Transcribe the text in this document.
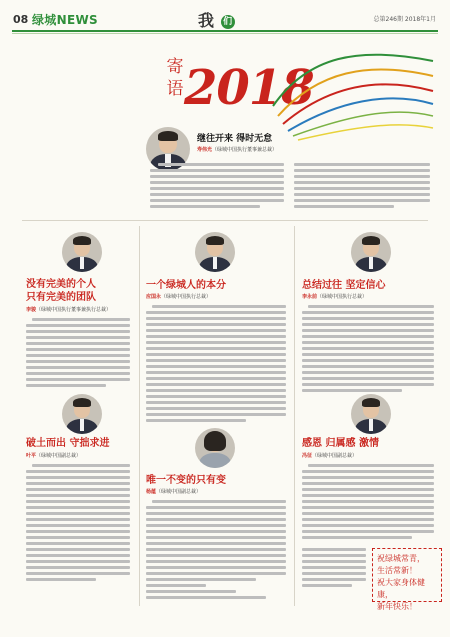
08 绿城NEWS	我 们	总第246期 2018年1月
寄语 2018
继往开来 得时无怠
寿伟光（绿城中国执行董事兼总裁）
没有完美的个人
只有完美的团队
李骏（绿城中国执行董事兼执行总裁）
破土而出 守拙求进
叶平（绿城中国副总裁）
一个绿城人的本分
应国永（绿城中国执行总裁）
唯一不变的只有变
杨蕴（绿城中国副总裁）
总结过往 坚定信心
李永前（绿城中国执行总裁）
感恩 归属感 激情
冯征（绿城中国副总裁）
祝绿城常青，
生活常新！
祝大家身体健康，
新年快乐！
